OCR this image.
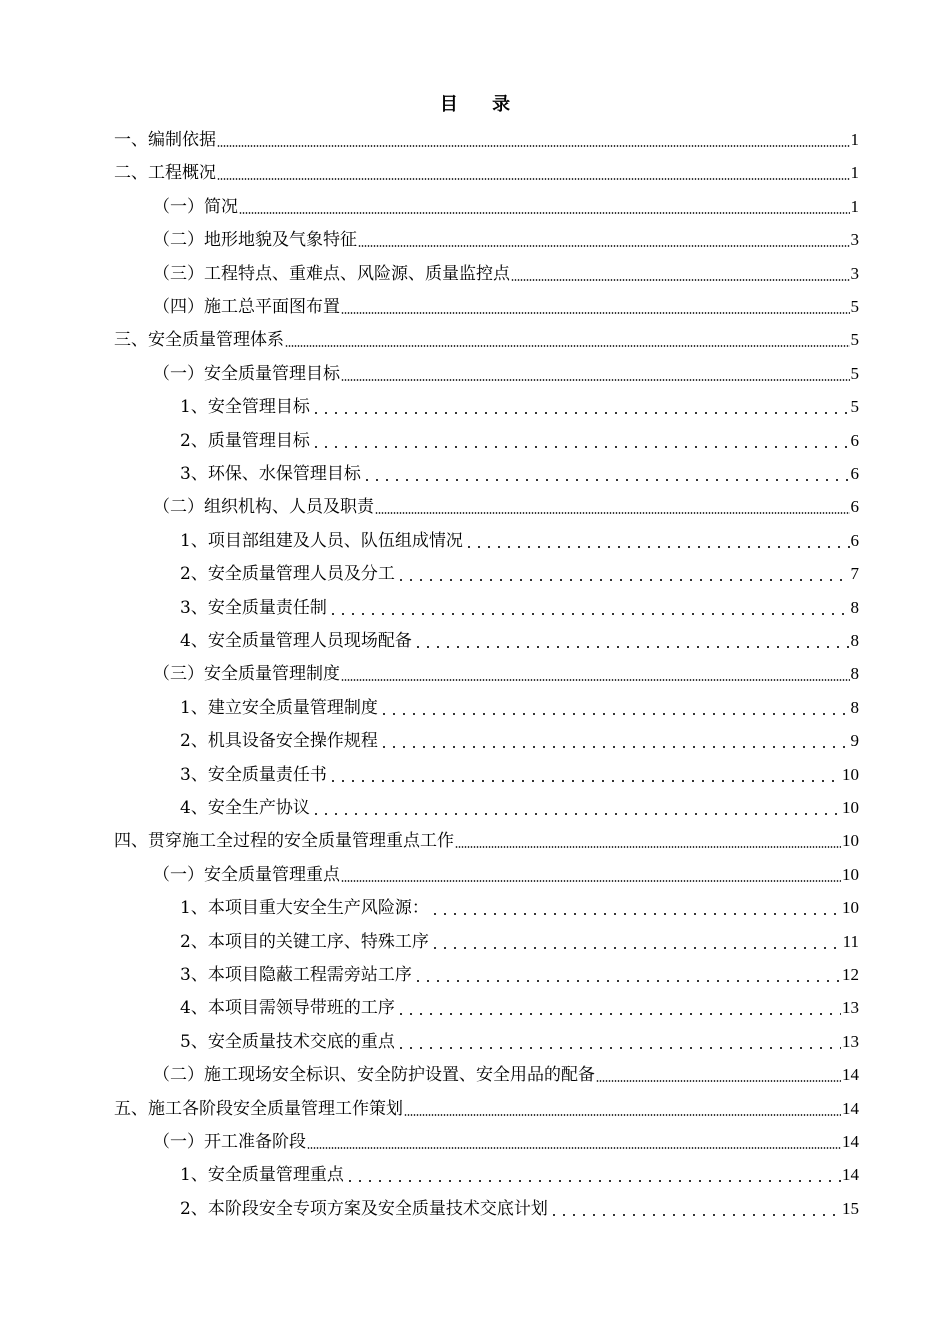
目 录
一、编制依据	1
二、工程概况	1
（一）简况	1
（二）地形地貌及气象特征	3
（三）工程特点、重难点、风险源、质量监控点	3
（四）施工总平面图布置	5
三、安全质量管理体系	5
（一）安全质量管理目标	5
1、安全管理目标	5
2、质量管理目标	6
3、环保、水保管理目标	6
（二）组织机构、人员及职责	6
1、项目部组建及人员、队伍组成情况	6
2、安全质量管理人员及分工	7
3、安全质量责任制	8
4、安全质量管理人员现场配备	8
（三）安全质量管理制度	8
1、建立安全质量管理制度	8
2、机具设备安全操作规程	9
3、安全质量责任书	10
4、安全生产协议	10
四、贯穿施工全过程的安全质量管理重点工作	10
（一）安全质量管理重点	10
1、本项目重大安全生产风险源：	10
2、本项目的关键工序、特殊工序	11
3、本项目隐蔽工程需旁站工序	12
4、本项目需领导带班的工序	13
5、安全质量技术交底的重点	13
（二）施工现场安全标识、安全防护设置、安全用品的配备	14
五、施工各阶段安全质量管理工作策划	14
（一）开工准备阶段	14
1、安全质量管理重点	14
2、本阶段安全专项方案及安全质量技术交底计划	15
